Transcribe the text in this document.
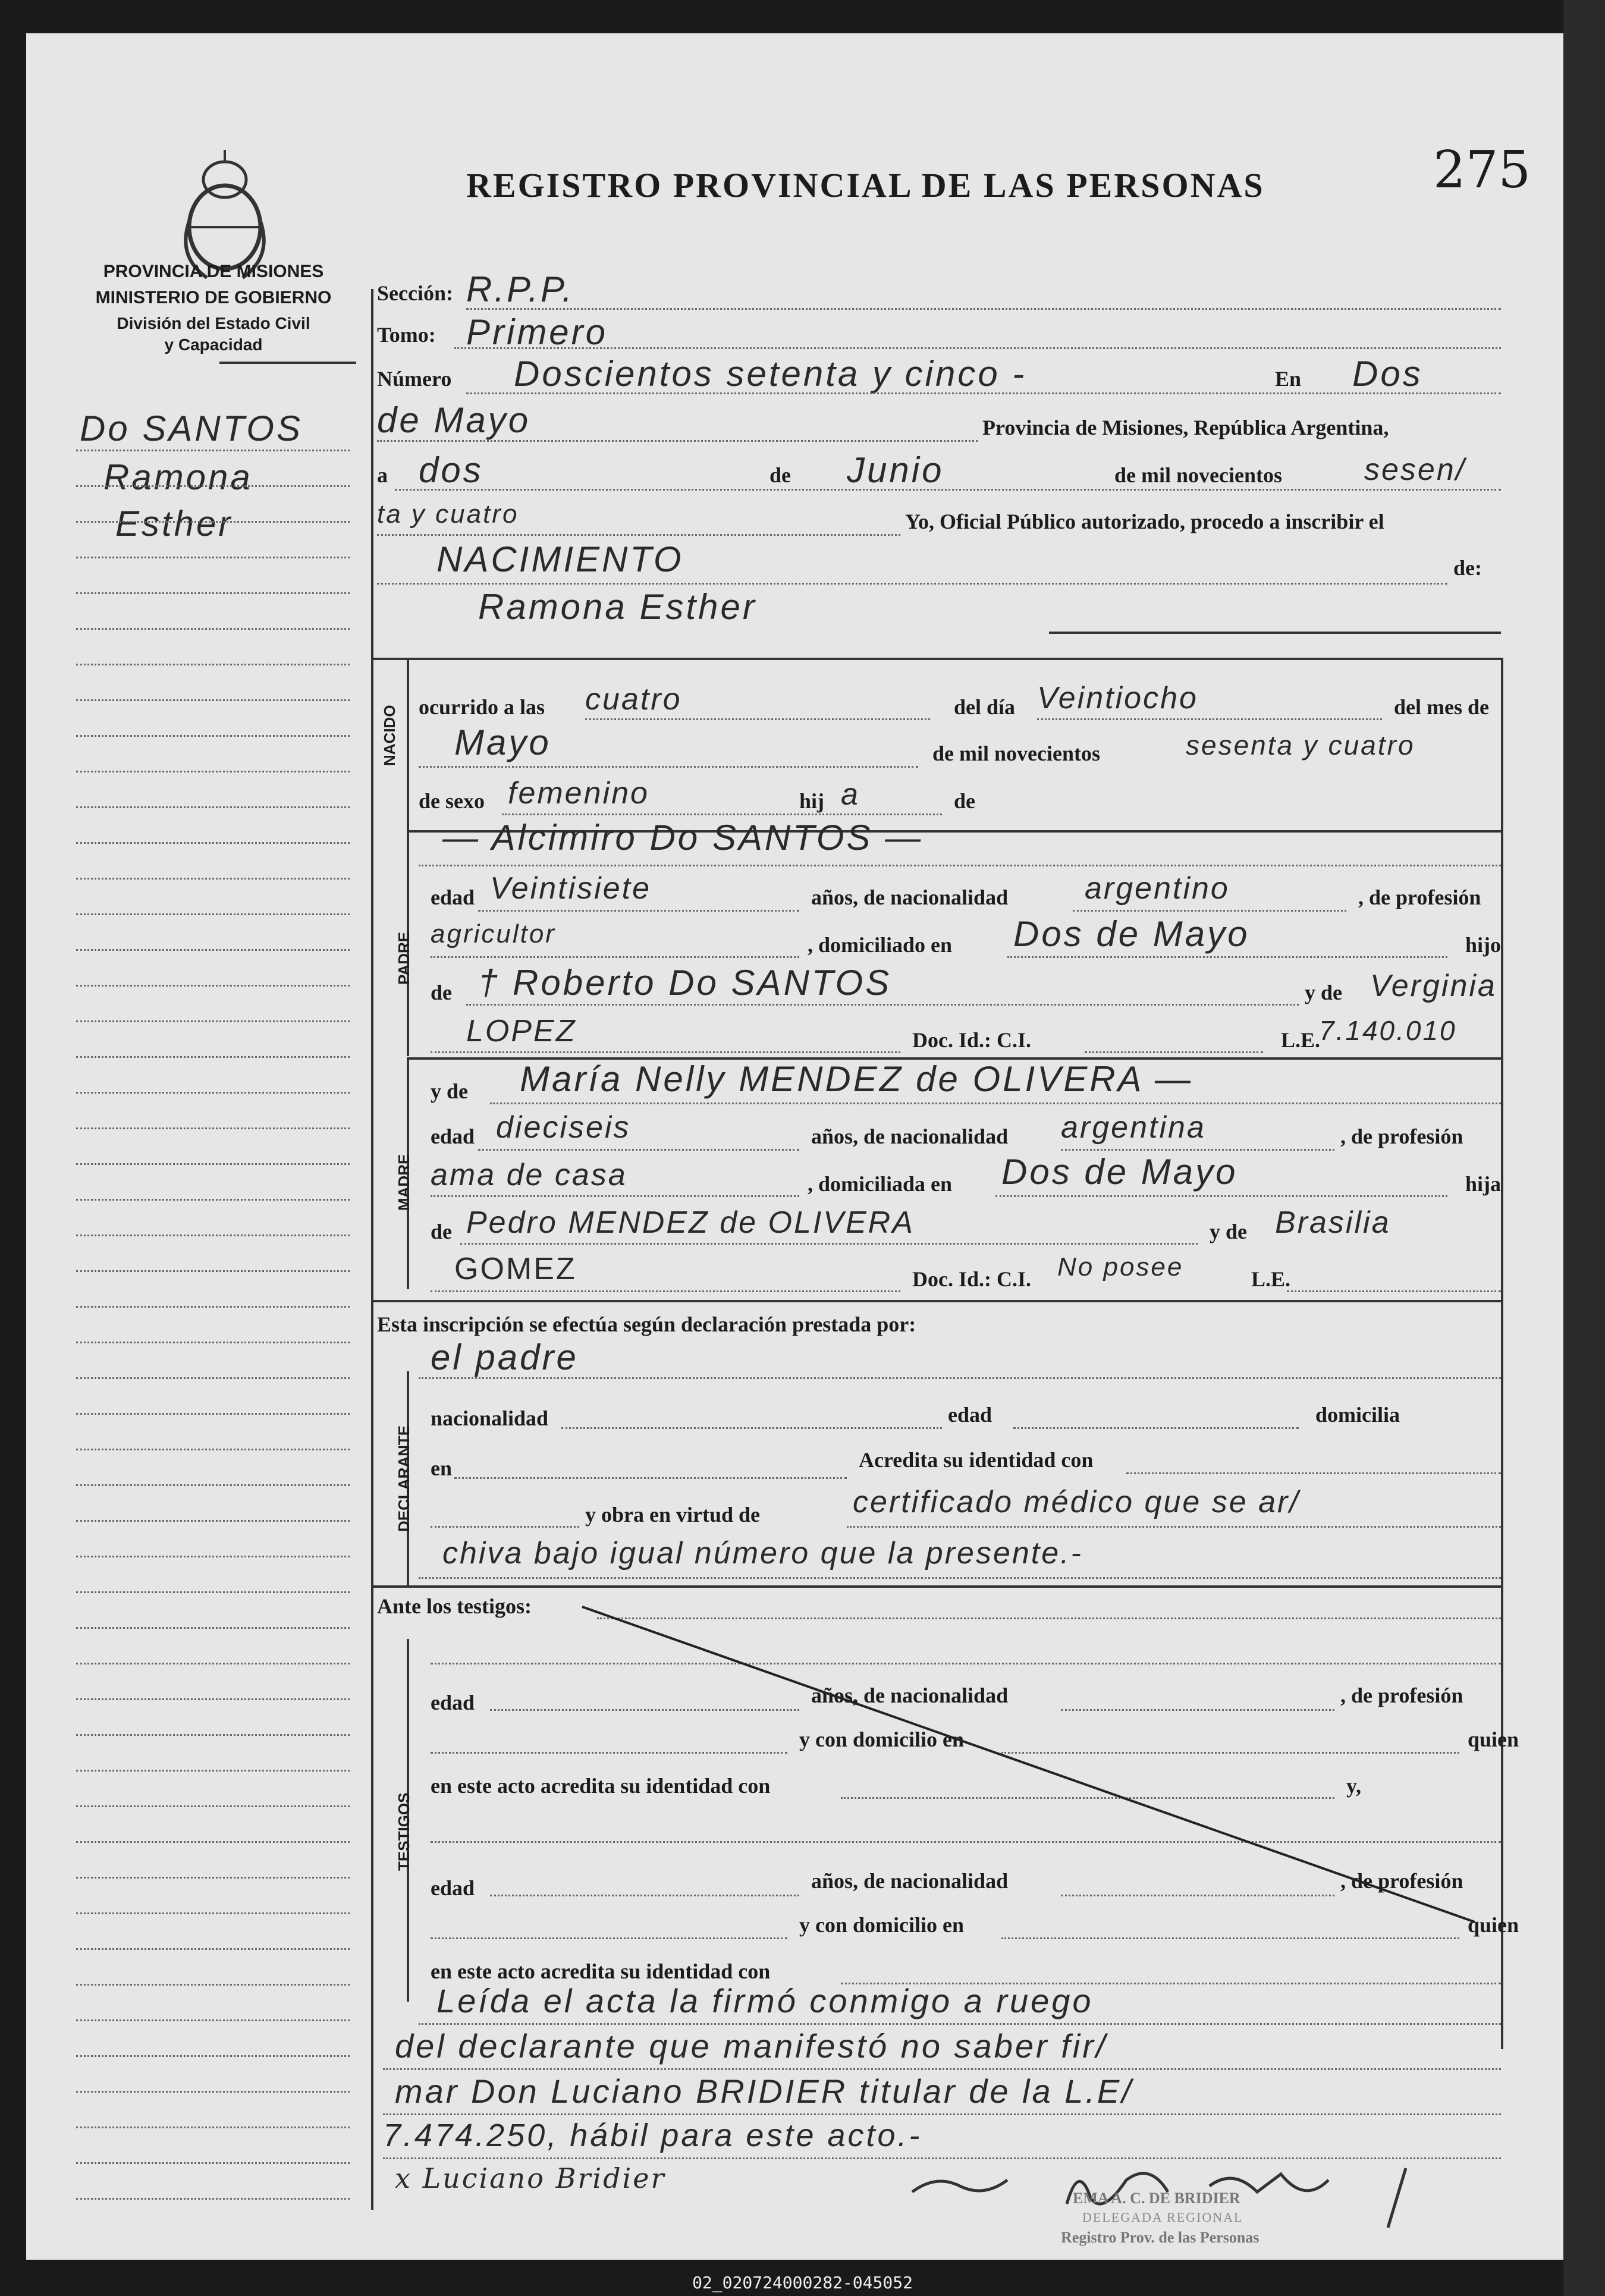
REGISTRO PROVINCIAL DE LAS PERSONAS	275
PROVINCIA DE MISIONES
MINISTERIO DE GOBIERNO
División del Estado Civil
y Capacidad
Do SANTOS
Ramona
Esther
Sección: R.P.P.
Tomo: Primero
Número Doscientos setenta y cinco -	En Dos
de Mayo	Provincia de Misiones, República Argentina,
a dos	de Junio	de mil novecientos	sesen/
ta y cuatro	Yo, Oficial Público autorizado, procedo a inscribir el
NACIMIENTO	de:
Ramona Esther
NACIDO ocurrido a las cuatro	del día Veintiocho	del mes de
Mayo	de mil novecientos	sesenta y cuatro
de sexo femenino	hij a	de
PADRE
— Alcimiro Do SANTOS —
edad Veintisiete	años, de nacionalidad argentino	, de profesión
agricultor	, domiciliado en Dos de Mayo	hijo
de † Roberto Do SANTOS	y de Verginia
LOPEZ	Doc. Id.: C.I.	L.E.
7.140.010
MADRE
y de María Nelly MENDEZ de OLIVERA —
edad dieciseis	años, de nacionalidad argentina	, de profesión
ama de casa	, domiciliada en Dos de Mayo	hija
de Pedro MENDEZ de OLIVERA	y de Brasilia
GOMEZ	Doc. Id.: C.I. No posee	L.E.
Esta inscripción se efectúa según declaración prestada por:
el padre
DECLARANTE
nacionalidad	edad	domicilia
en	Acredita su identidad con
y obra en virtud de	certificado médico que se ar/
chiva bajo igual número que la presente.-
Ante los testigos:
TESTIGOS
edad	años, de nacionalidad	, de profesión
y con domicilio en	quien
en este acto acredita su identidad con	y,
edad	años, de nacionalidad	, de profesión
y con domicilio en	quien
en este acto acredita su identidad con
Leída el acta la firmó conmigo a ruego
del declarante que manifestó no saber fir/
mar Don Luciano BRIDIER titular de la L.E/
7.474.250, hábil para este acto.-
x Luciano Bridier
EMA A. C. DE BRIDIER
DELEGADA REGIONAL
Registro Prov. de las Personas
02_020724000282-045052
